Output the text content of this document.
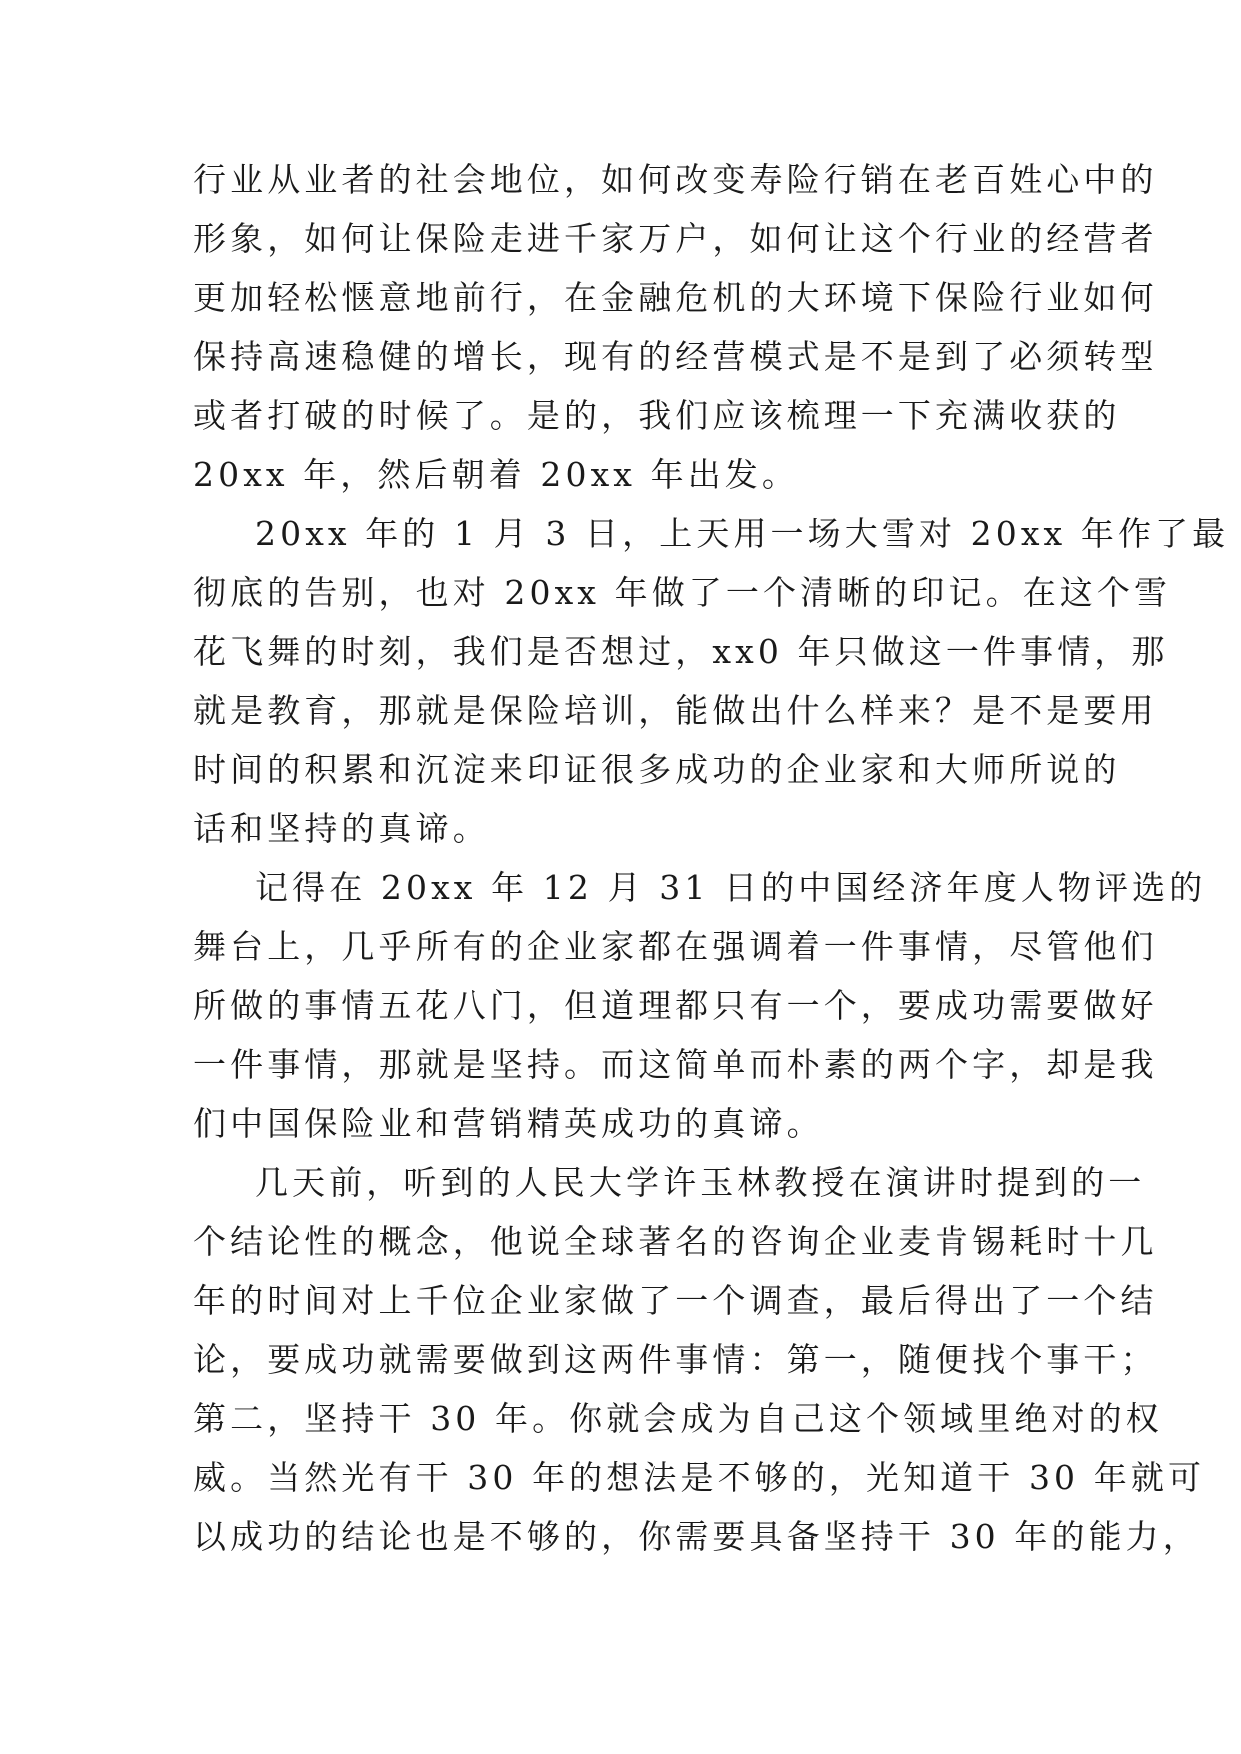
行业从业者的社会地位，如何改变寿险行销在老百姓心中的
形象，如何让保险走进千家万户，如何让这个行业的经营者
更加轻松惬意地前行，在金融危机的大环境下保险行业如何
保持高速稳健的增长，现有的经营模式是不是到了必须转型
或者打破的时候了。是的，我们应该梳理一下充满收获的
20xx 年，然后朝着 20xx 年出发。
20xx 年的 1 月 3 日，上天用一场大雪对 20xx 年作了最
彻底的告别，也对 20xx 年做了一个清晰的印记。在这个雪
花飞舞的时刻，我们是否想过，xx0 年只做这一件事情，那
就是教育，那就是保险培训，能做出什么样来？是不是要用
时间的积累和沉淀来印证很多成功的企业家和大师所说的
话和坚持的真谛。
记得在 20xx 年 12 月 31 日的中国经济年度人物评选的
舞台上，几乎所有的企业家都在强调着一件事情，尽管他们
所做的事情五花八门，但道理都只有一个，要成功需要做好
一件事情，那就是坚持。而这简单而朴素的两个字，却是我
们中国保险业和营销精英成功的真谛。
几天前，听到的人民大学许玉林教授在演讲时提到的一
个结论性的概念，他说全球著名的咨询企业麦肯锡耗时十几
年的时间对上千位企业家做了一个调查，最后得出了一个结
论，要成功就需要做到这两件事情：第一，随便找个事干；
第二，坚持干 30 年。你就会成为自己这个领域里绝对的权
威。当然光有干 30 年的想法是不够的，光知道干 30 年就可
以成功的结论也是不够的，你需要具备坚持干 30 年的能力，
